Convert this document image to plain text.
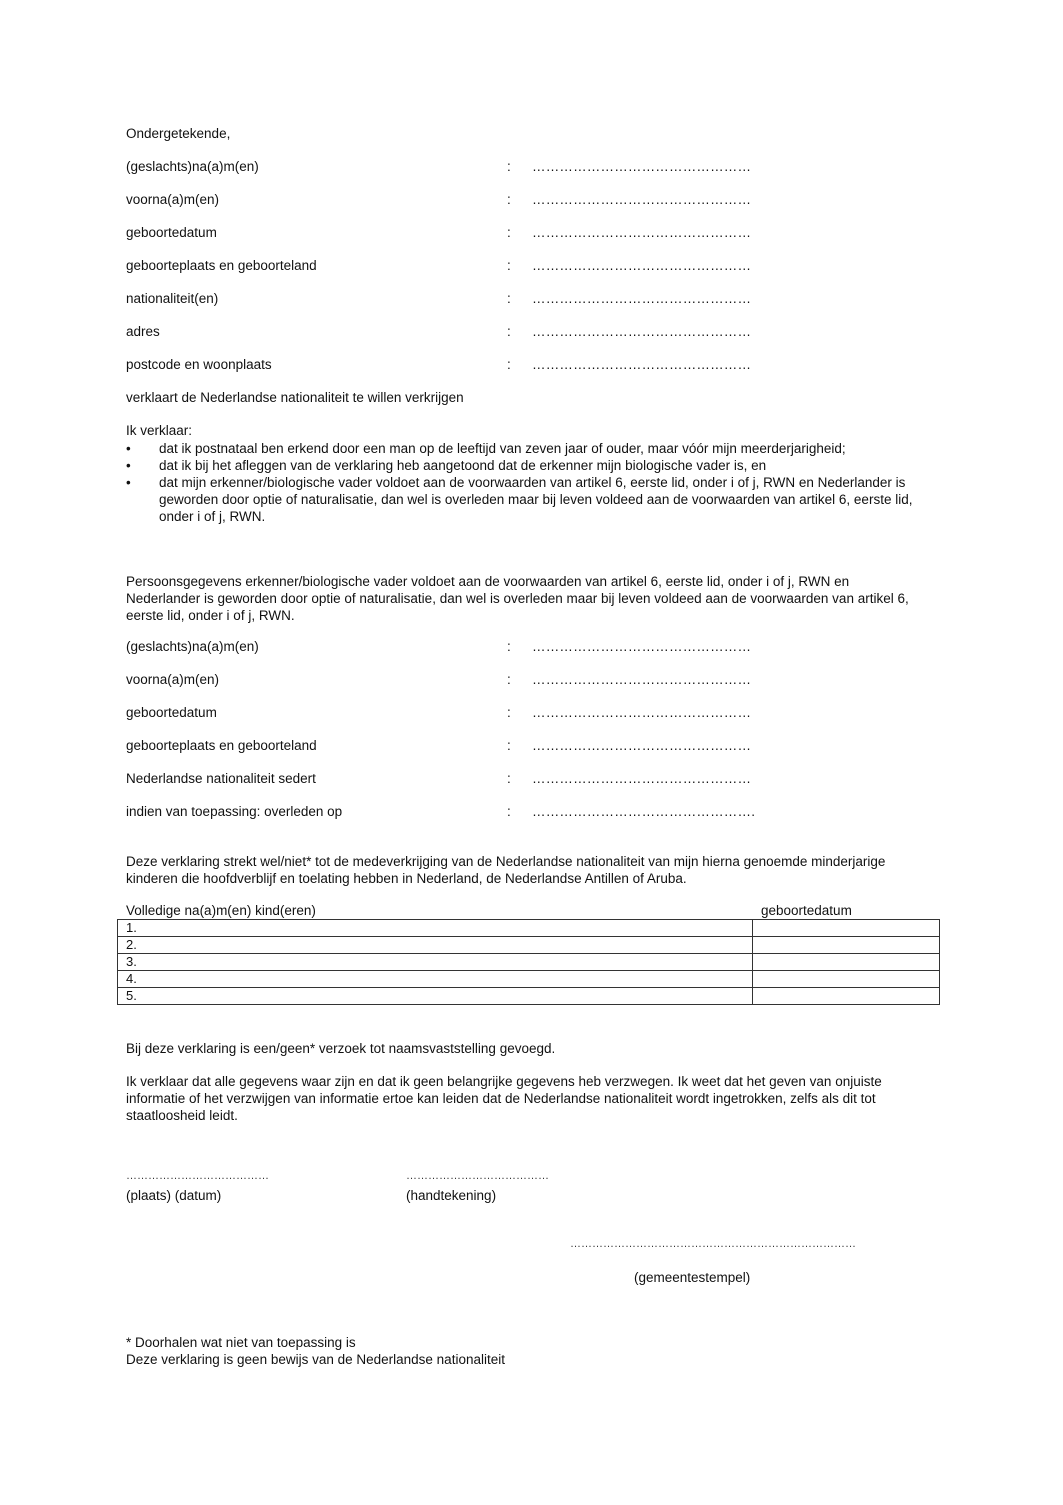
Ondergetekende,
(geslachts)na(a)m(en)	: …………………………………………
voorna(a)m(en)	: …………………………………………
geboortedatum	: …………………………………………
geboorteplaats en geboorteland	: …………………………………………
nationaliteit(en)	: …………………………………………
adres	: …………………………………………
postcode en woonplaats	: …………………………………………
verklaart de Nederlandse nationaliteit te willen verkrijgen
Ik verklaar:
• dat ik postnataal ben erkend door een man op de leeftijd van zeven jaar of ouder, maar vóór mijn meerderjarigheid;
• dat ik bij het afleggen van de verklaring heb aangetoond dat de erkenner mijn biologische vader is, en
• dat mijn erkenner/biologische vader voldoet aan de voorwaarden van artikel 6, eerste lid, onder i of j, RWN en Nederlander is geworden door optie of naturalisatie, dan wel is overleden maar bij leven voldeed aan de voorwaarden van artikel 6, eerste lid, onder i of j, RWN.
Persoonsgegevens erkenner/biologische vader voldoet aan de voorwaarden van artikel 6, eerste lid, onder i of j, RWN en Nederlander is geworden door optie of naturalisatie, dan wel is overleden maar bij leven voldeed aan de voorwaarden van artikel 6, eerste lid, onder i of j, RWN.
(geslachts)na(a)m(en)	: …………………………………………
voorna(a)m(en)	: …………………………………………
geboortedatum	: …………………………………………
geboorteplaats en geboorteland	: …………………………………………
Nederlandse nationaliteit sedert	: …………………………………………
indien van toepassing: overleden op	: ………………………………………….
Deze verklaring strekt wel/niet* tot de medeverkrijging van de Nederlandse nationaliteit van mijn hierna genoemde minderjarige kinderen die hoofdverblijf en toelating hebben in Nederland, de Nederlandse Antillen of Aruba.
Volledige na(a)m(en) kind(eren)	geboortedatum
1.	
2.	
3.	
4.	
5.	
Bij deze verklaring is een/geen* verzoek tot naamsvaststelling gevoegd.
Ik verklaar dat alle gegevens waar zijn en dat ik geen belangrijke gegevens heb verzwegen. Ik weet dat het geven van onjuiste informatie of het verzwijgen van informatie ertoe kan leiden dat de Nederlandse nationaliteit wordt ingetrokken, zelfs als dit tot staatloosheid leidt.
…………………………………
(plaats) (datum)
…………………………………
(handtekening)
……………………………………………………………………
(gemeentestempel)
* Doorhalen wat niet van toepassing is
Deze verklaring is geen bewijs van de Nederlandse nationaliteit
